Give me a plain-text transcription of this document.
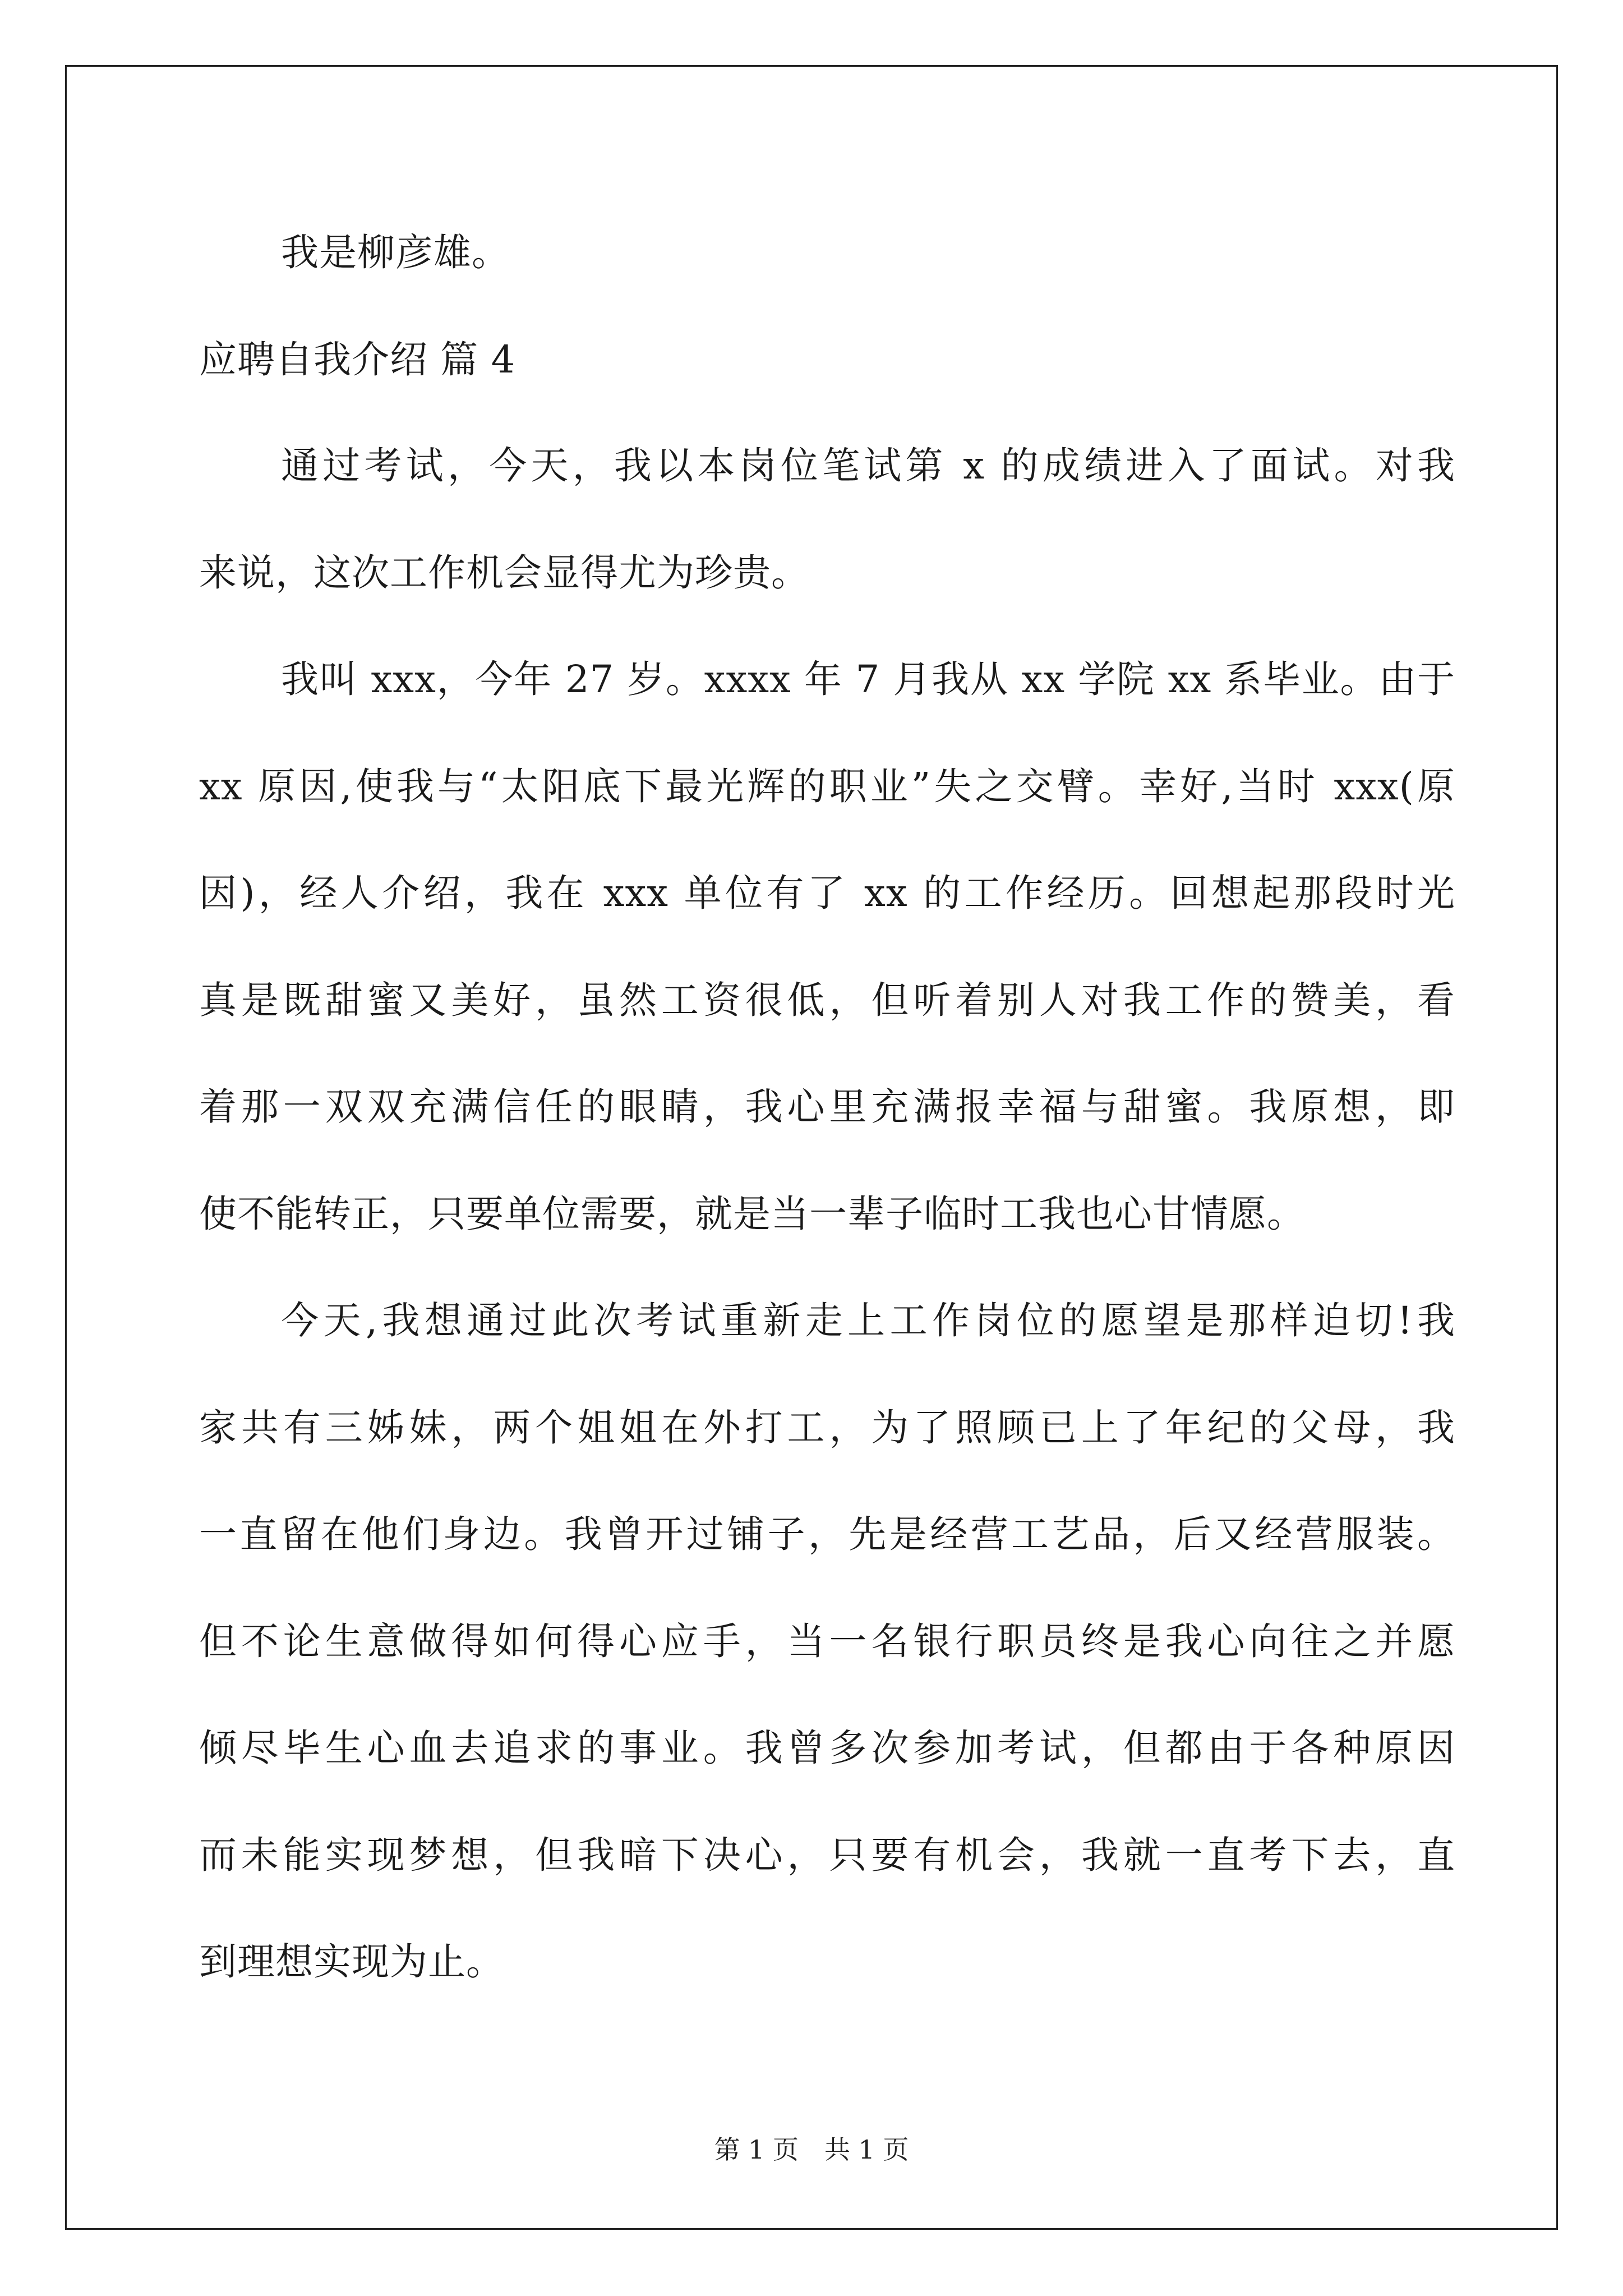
我是柳彦雄。
应聘自我介绍 篇 4
通过考试，今天，我以本岗位笔试第 x 的成绩进入了面试。对我
来说，这次工作机会显得尤为珍贵。
我叫 xxx，今年 27 岁。xxxx 年 7 月我从 xx 学院 xx 系毕业。由于
xx 原因,使我与“太阳底下最光辉的职业”失之交臂。幸好,当时 xxx(原
因)，经人介绍，我在 xxx 单位有了 xx 的工作经历。回想起那段时光
真是既甜蜜又美好，虽然工资很低，但听着别人对我工作的赞美，看
着那一双双充满信任的眼睛，我心里充满报幸福与甜蜜。我原想，即
使不能转正，只要单位需要，就是当一辈子临时工我也心甘情愿。
今天,我想通过此次考试重新走上工作岗位的愿望是那样迫切!我
家共有三姊妹，两个姐姐在外打工，为了照顾已上了年纪的父母，我
一直留在他们身边。我曾开过铺子，先是经营工艺品，后又经营服装。
但不论生意做得如何得心应手，当一名银行职员终是我心向往之并愿
倾尽毕生心血去追求的事业。我曾多次参加考试，但都由于各种原因
而未能实现梦想，但我暗下决心，只要有机会，我就一直考下去，直
到理想实现为止。
第 1 页　共 1 页
